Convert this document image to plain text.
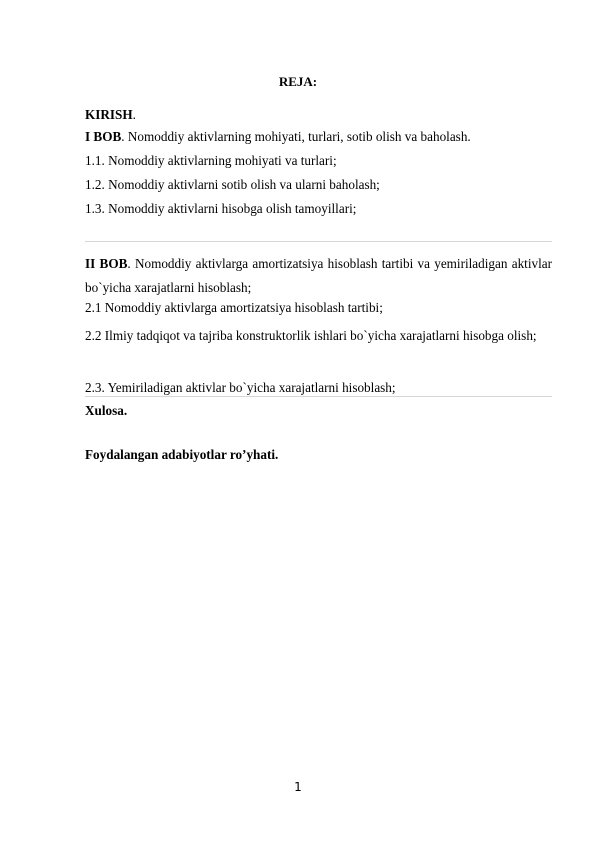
REJA:
KIRISH.
I BOB. Nomoddiy aktivlarning mohiyati, turlari, sotib olish va baholash.
1.1. Nomoddiy aktivlarning mohiyati va turlari;
1.2. Nomoddiy aktivlarni sotib olish va ularni baholash;
1.3. Nomoddiy aktivlarni hisobga olish tamoyillari;
II BOB. Nomoddiy aktivlarga amortizatsiya hisoblash tartibi va yemiriladigan aktivlar bo`yicha xarajatlarni hisoblash;
2.1 Nomoddiy aktivlarga amortizatsiya hisoblash tartibi;
2.2 Ilmiy tadqiqot va tajriba konstruktorlik ishlari bo`yicha xarajatlarni hisobga olish;
2.3. Yemiriladigan aktivlar bo`yicha xarajatlarni hisoblash;
Xulosa.
Foydalangan adabiyotlar ro’yhati.
1
